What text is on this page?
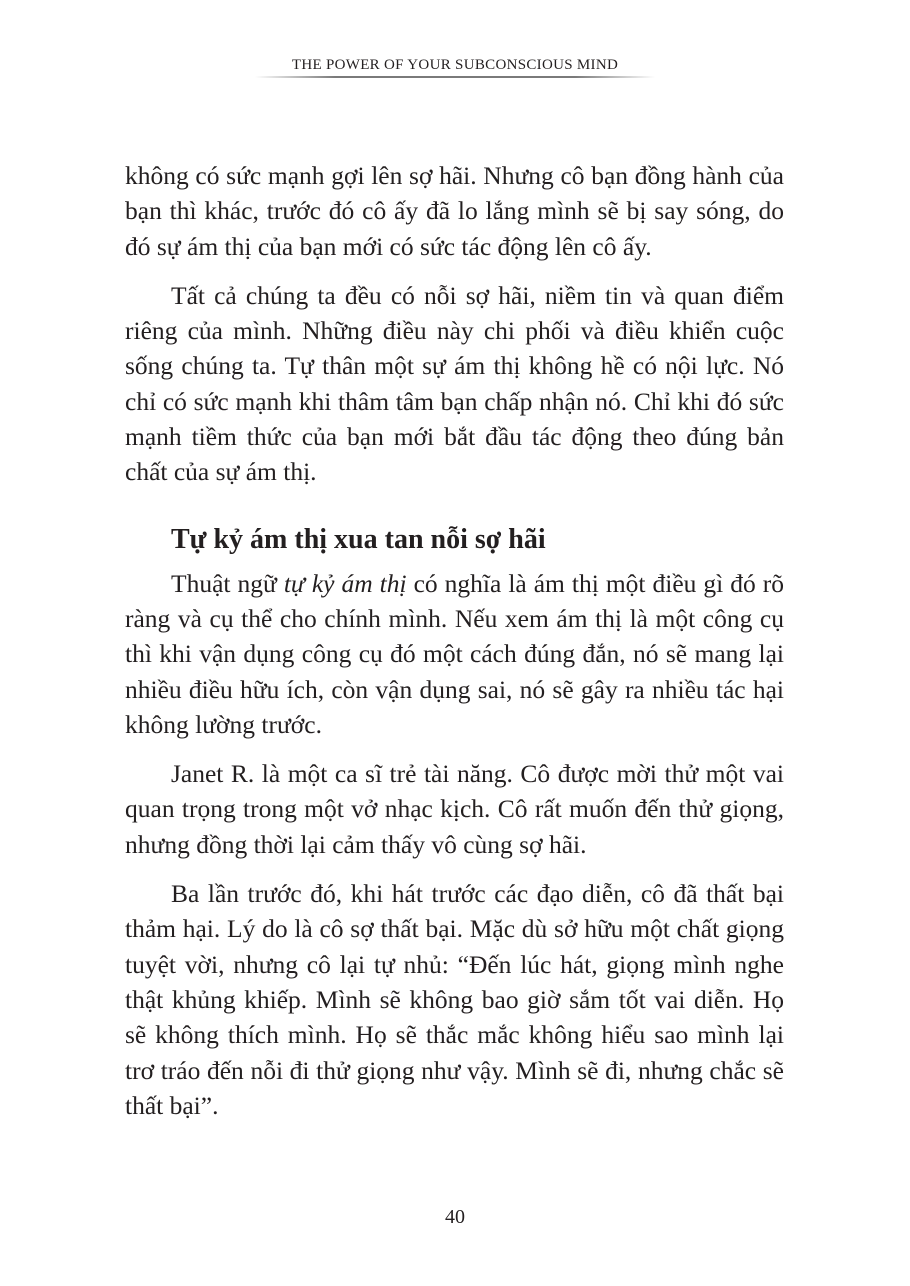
THE POWER OF YOUR SUBCONSCIOUS MIND

không có sức mạnh gợi lên sợ hãi. Nhưng cô bạn đồng hành của bạn thì khác, trước đó cô ấy đã lo lắng mình sẽ bị say sóng, do đó sự ám thị của bạn mới có sức tác động lên cô ấy.

Tất cả chúng ta đều có nỗi sợ hãi, niềm tin và quan điểm riêng của mình. Những điều này chi phối và điều khiển cuộc sống chúng ta. Tự thân một sự ám thị không hề có nội lực. Nó chỉ có sức mạnh khi thâm tâm bạn chấp nhận nó. Chỉ khi đó sức mạnh tiềm thức của bạn mới bắt đầu tác động theo đúng bản chất của sự ám thị.

Tự kỷ ám thị xua tan nỗi sợ hãi

Thuật ngữ tự kỷ ám thị có nghĩa là ám thị một điều gì đó rõ ràng và cụ thể cho chính mình. Nếu xem ám thị là một công cụ thì khi vận dụng công cụ đó một cách đúng đắn, nó sẽ mang lại nhiều điều hữu ích, còn vận dụng sai, nó sẽ gây ra nhiều tác hại không lường trước.

Janet R. là một ca sĩ trẻ tài năng. Cô được mời thử một vai quan trọng trong một vở nhạc kịch. Cô rất muốn đến thử giọng, nhưng đồng thời lại cảm thấy vô cùng sợ hãi.

Ba lần trước đó, khi hát trước các đạo diễn, cô đã thất bại thảm hại. Lý do là cô sợ thất bại. Mặc dù sở hữu một chất giọng tuyệt vời, nhưng cô lại tự nhủ: “Đến lúc hát, giọng mình nghe thật khủng khiếp. Mình sẽ không bao giờ sắm tốt vai diễn. Họ sẽ không thích mình. Họ sẽ thắc mắc không hiểu sao mình lại trơ tráo đến nỗi đi thử giọng như vậy. Mình sẽ đi, nhưng chắc sẽ thất bại”.

40
